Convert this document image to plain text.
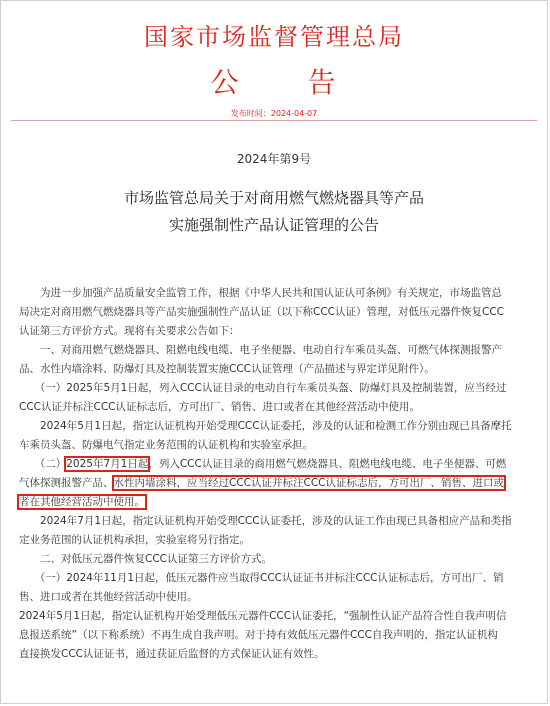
国家市场监督管理总局
公 告
发布时间：2024-04-07
2024年第9号
市场监管总局关于对商用燃气燃烧器具等产品
实施强制性产品认证管理的公告
　　为进一步加强产品质量安全监管工作，根据《中华人民共和国认证认可条例》有关规定，市场监管总
局决定对商用燃气燃烧器具等产品实施强制性产品认证（以下称CCC认证）管理，对低压元器件恢复CCC
认证第三方评价方式。现将有关要求公告如下：
　　一、对商用燃气燃烧器具、阻燃电线电缆、电子坐便器、电动自行车乘员头盔、可燃气体探测报警产
品、水性内墙涂料、防爆灯具及控制装置实施CCC认证管理（产品描述与界定详见附件）。
　　（一）2025年5月1日起，列入CCC认证目录的电动自行车乘员头盔、防爆灯具及控制装置，应当经过
CCC认证并标注CCC认证标志后，方可出厂、销售、进口或者在其他经营活动中使用。
　　2024年5月1日起，指定认证机构开始受理CCC认证委托，涉及的认证和检测工作分别由现已具备摩托
车乘员头盔、防爆电气指定业务范围的认证机构和实验室承担。
　　（二）2025年7月1日起，列入CCC认证目录的商用燃气燃烧器具、阻燃电线电缆、电子坐便器、可燃
气体探测报警产品、水性内墙涂料，应当经过CCC认证并标注CCC认证标志后，方可出厂、销售、进口或
者在其他经营活动中使用。
　　2024年7月1日起，指定认证机构开始受理CCC认证委托，涉及的认证工作由现已具备相应产品和类指
定业务范围的认证机构承担，实验室将另行指定。
　　二、对低压元器件恢复CCC认证第三方评价方式。
　　（一）2024年11月1日起，低压元器件应当取得CCC认证证书并标注CCC认证标志后，方可出厂、销
售、进口或者在其他经营活动中使用。
2024年5月1日起，指定认证机构开始受理低压元器件CCC认证委托，“强制性认证产品符合性自我声明信
息报送系统”（以下称系统）不再生成自我声明。对于持有效低压元器件CCC自我声明的，指定认证机构
直接换发CCC认证证书，通过获证后监督的方式保证认证有效性。
